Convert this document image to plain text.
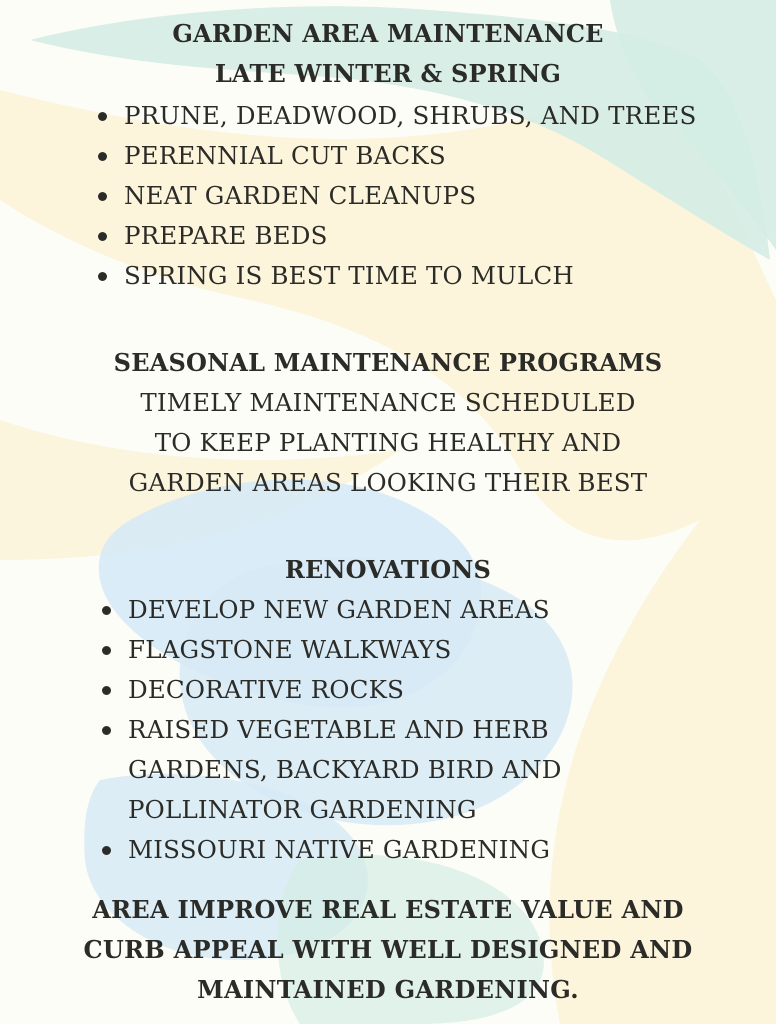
GARDEN AREA MAINTENANCE
LATE WINTER & SPRING
PRUNE, DEADWOOD, SHRUBS, AND TREES
PERENNIAL CUT BACKS
NEAT GARDEN CLEANUPS
PREPARE BEDS
SPRING IS BEST TIME TO MULCH
SEASONAL MAINTENANCE PROGRAMS
TIMELY MAINTENANCE SCHEDULED
TO KEEP PLANTING HEALTHY AND
GARDEN AREAS LOOKING THEIR BEST
RENOVATIONS
DEVELOP NEW GARDEN AREAS
FLAGSTONE WALKWAYS
DECORATIVE ROCKS
RAISED VEGETABLE AND HERB
GARDENS, BACKYARD BIRD AND
POLLINATOR GARDENING
MISSOURI NATIVE GARDENING
AREA IMPROVE REAL ESTATE VALUE AND
CURB APPEAL WITH WELL DESIGNED AND
MAINTAINED GARDENING.
